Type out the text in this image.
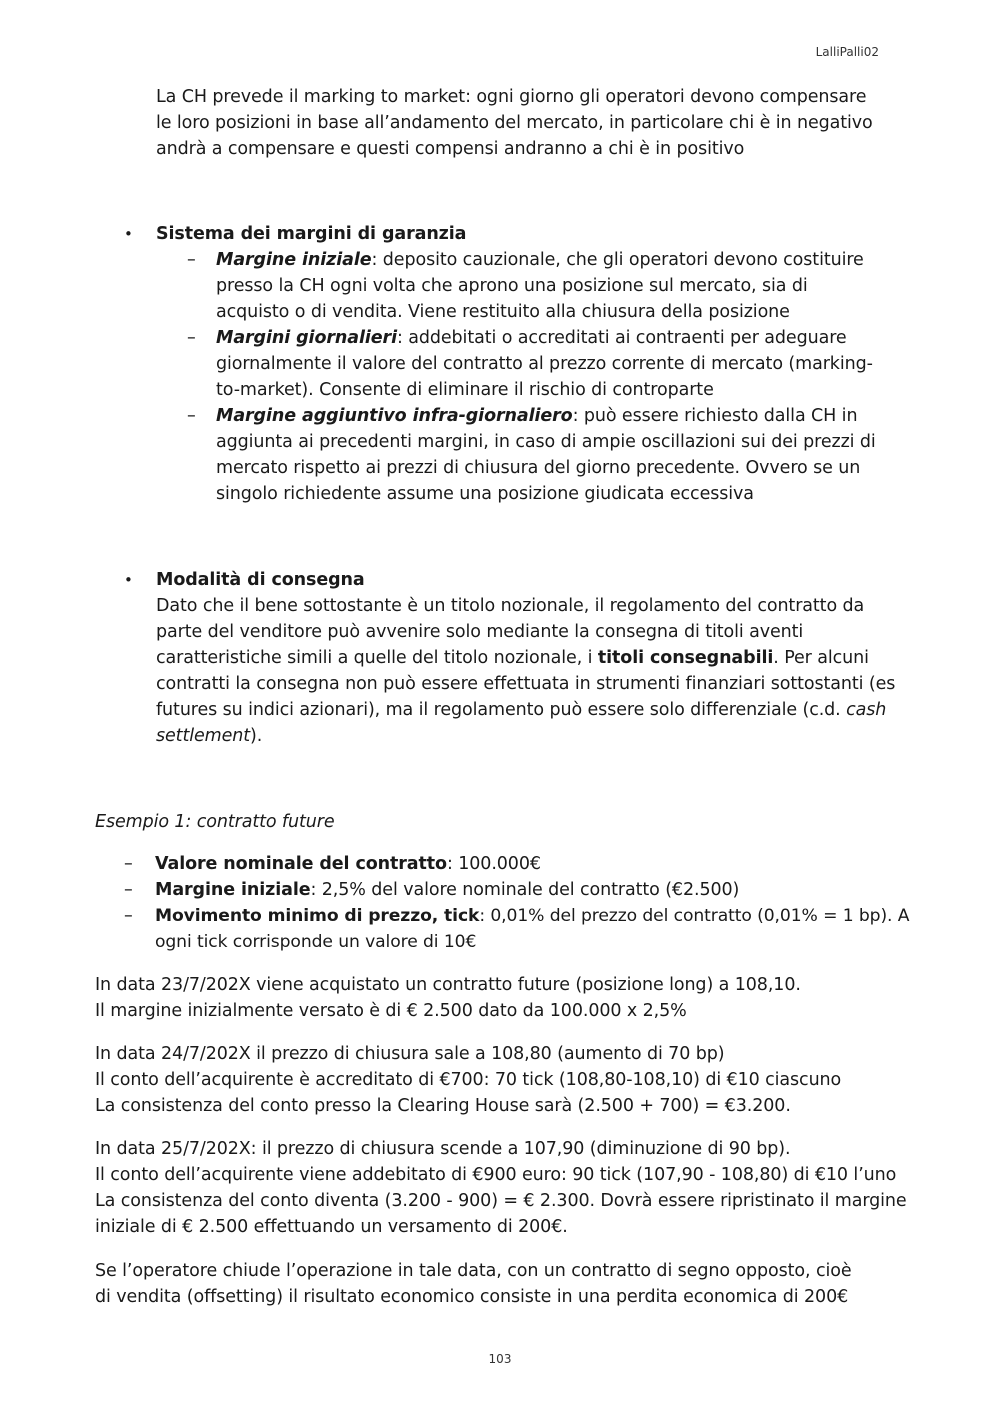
LalliPalli02
La CH prevede il marking to market: ogni giorno gli operatori devono compensare
le loro posizioni in base all’andamento del mercato, in particolare chi è in negativo
andrà a compensare e questi compensi andranno a chi è in positivo
• Sistema dei margini di garanzia
– Margine iniziale: deposito cauzionale, che gli operatori devono costituire
presso la CH ogni volta che aprono una posizione sul mercato, sia di
acquisto o di vendita. Viene restituito alla chiusura della posizione
– Margini giornalieri: addebitati o accreditati ai contraenti per adeguare
giornalmente il valore del contratto al prezzo corrente di mercato (marking-
to-market). Consente di eliminare il rischio di controparte
– Margine aggiuntivo infra-giornaliero: può essere richiesto dalla CH in
aggiunta ai precedenti margini, in caso di ampie oscillazioni sui dei prezzi di
mercato rispetto ai prezzi di chiusura del giorno precedente. Ovvero se un
singolo richiedente assume una posizione giudicata eccessiva
• Modalità di consegna
Dato che il bene sottostante è un titolo nozionale, il regolamento del contratto da
parte del venditore può avvenire solo mediante la consegna di titoli aventi
caratteristiche simili a quelle del titolo nozionale, i titoli consegnabili. Per alcuni
contratti la consegna non può essere effettuata in strumenti finanziari sottostanti (es
futures su indici azionari), ma il regolamento può essere solo differenziale (c.d. cash
settlement).
Esempio 1: contratto future
– Valore nominale del contratto: 100.000€
– Margine iniziale: 2,5% del valore nominale del contratto (€2.500)
– Movimento minimo di prezzo, tick: 0,01% del prezzo del contratto (0,01% = 1 bp). A
ogni tick corrisponde un valore di 10€
In data 23/7/202X viene acquistato un contratto future (posizione long) a 108,10.
Il margine inizialmente versato è di € 2.500 dato da 100.000 x 2,5%
In data 24/7/202X il prezzo di chiusura sale a 108,80 (aumento di 70 bp)
Il conto dell’acquirente è accreditato di €700: 70 tick (108,80-108,10) di €10 ciascuno
La consistenza del conto presso la Clearing House sarà (2.500 + 700) = €3.200.
In data 25/7/202X: il prezzo di chiusura scende a 107,90 (diminuzione di 90 bp).
Il conto dell’acquirente viene addebitato di €900 euro: 90 tick (107,90 - 108,80) di €10 l’uno
La consistenza del conto diventa (3.200 - 900) = € 2.300. Dovrà essere ripristinato il margine
iniziale di € 2.500 effettuando un versamento di 200€.
Se l’operatore chiude l’operazione in tale data, con un contratto di segno opposto, cioè
di vendita (offsetting) il risultato economico consiste in una perdita economica di 200€
103
